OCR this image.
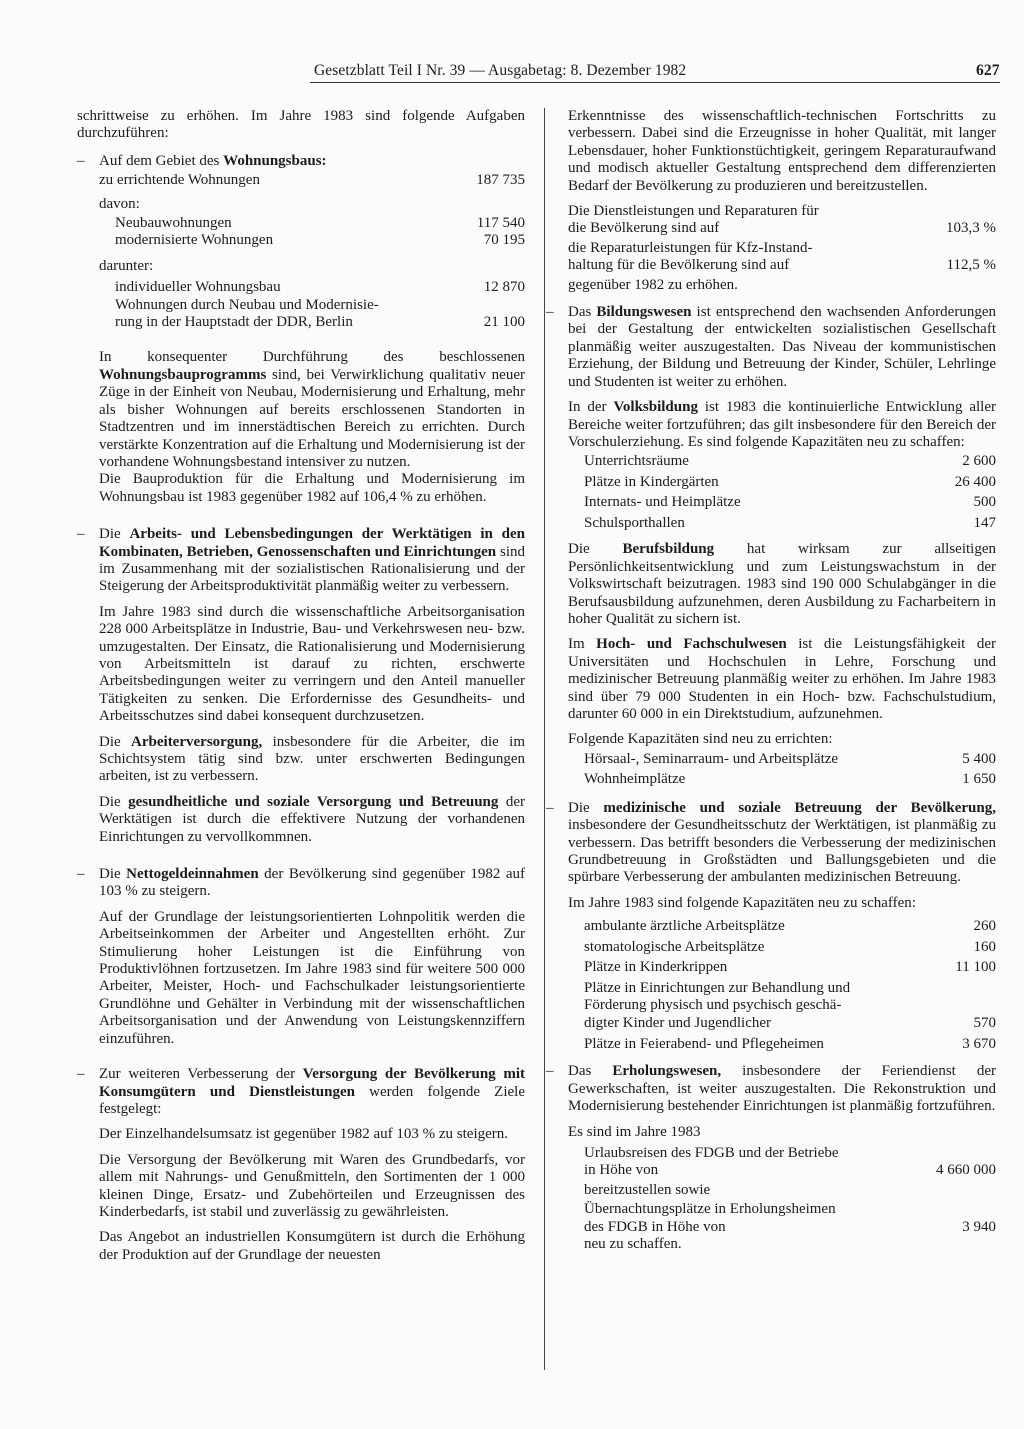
Gesetzblatt Teil I Nr. 39 — Ausgabetag: 8. Dezember 1982	627

schrittweise zu erhöhen. Im Jahre 1983 sind folgende Aufgaben durchzuführen:

– Auf dem Gebiet des Wohnungsbaus:
zu errichtende Wohnungen	187 735
davon:
Neubauwohnungen	117 540
modernisierte Wohnungen	70 195
darunter:
individueller Wohnungsbau	12 870
Wohnungen durch Neubau und Modernisie-
rung in der Hauptstadt der DDR, Berlin	21 100

In konsequenter Durchführung des beschlossenen Wohnungsbauprogramms sind, bei Verwirklichung qualitativ neuer Züge in der Einheit von Neubau, Modernisierung und Erhaltung, mehr als bisher Wohnungen auf bereits erschlossenen Standorten in Stadtzentren und im innerstädtischen Bereich zu errichten. Durch verstärkte Konzentration auf die Erhaltung und Modernisierung ist der vorhandene Wohnungsbestand intensiver zu nutzen.

Die Bauproduktion für die Erhaltung und Modernisierung im Wohnungsbau ist 1983 gegenüber 1982 auf 106,4 % zu erhöhen.

– Die Arbeits- und Lebensbedingungen der Werktätigen in den Kombinaten, Betrieben, Genossenschaften und Einrichtungen sind im Zusammenhang mit der sozialistischen Rationalisierung und der Steigerung der Arbeitsproduktivität planmäßig weiter zu verbessern.

Im Jahre 1983 sind durch die wissenschaftliche Arbeitsorganisation 228 000 Arbeitsplätze in Industrie, Bau- und Verkehrswesen neu- bzw. umzugestalten. Der Einsatz, die Rationalisierung und Modernisierung von Arbeitsmitteln ist darauf zu richten, erschwerte Arbeitsbedingungen weiter zu verringern und den Anteil manueller Tätigkeiten zu senken. Die Erfordernisse des Gesundheits- und Arbeitsschutzes sind dabei konsequent durchzusetzen.

Die Arbeiterversorgung, insbesondere für die Arbeiter, die im Schichtsystem tätig sind bzw. unter erschwerten Bedingungen arbeiten, ist zu verbessern.

Die gesundheitliche und soziale Versorgung und Betreuung der Werktätigen ist durch die effektivere Nutzung der vorhandenen Einrichtungen zu vervollkommnen.

– Die Nettogeldeinnahmen der Bevölkerung sind gegenüber 1982 auf 103 % zu steigern.

Auf der Grundlage der leistungsorientierten Lohnpolitik werden die Arbeitseinkommen der Arbeiter und Angestellten erhöht. Zur Stimulierung hoher Leistungen ist die Einführung von Produktivlöhnen fortzusetzen. Im Jahre 1983 sind für weitere 500 000 Arbeiter, Meister, Hoch- und Fachschulkader leistungsorientierte Grundlöhne und Gehälter in Verbindung mit der wissenschaftlichen Arbeitsorganisation und der Anwendung von Leistungskennziffern einzuführen.

– Zur weiteren Verbesserung der Versorgung der Bevölkerung mit Konsumgütern und Dienstleistungen werden folgende Ziele festgelegt:

Der Einzelhandelsumsatz ist gegenüber 1982 auf 103 % zu steigern.

Die Versorgung der Bevölkerung mit Waren des Grundbedarfs, vor allem mit Nahrungs- und Genußmitteln, den Sortimenten der 1 000 kleinen Dinge, Ersatz- und Zubehörteilen und Erzeugnissen des Kinderbedarfs, ist stabil und zuverlässig zu gewährleisten.

Das Angebot an industriellen Konsumgütern ist durch die Erhöhung der Produktion auf der Grundlage der neuesten

Erkenntnisse des wissenschaftlich-technischen Fortschritts zu verbessern. Dabei sind die Erzeugnisse in hoher Qualität, mit langer Lebensdauer, hoher Funktionstüchtigkeit, geringem Reparaturaufwand und modisch aktueller Gestaltung entsprechend dem differenzierten Bedarf der Bevölkerung zu produzieren und bereitzustellen.

Die Dienstleistungen und Reparaturen für
die Bevölkerung sind auf	103,3 %
die Reparaturleistungen für Kfz-Instand-
haltung für die Bevölkerung sind auf	112,5 %
gegenüber 1982 zu erhöhen.
– Das Bildungswesen ist entsprechend den wachsenden Anforderungen bei der Gestaltung der entwickelten sozialistischen Gesellschaft planmäßig weiter auszugestalten. Das Niveau der kommunistischen Erziehung, der Bildung und Betreuung der Kinder, Schüler, Lehrlinge und Studenten ist weiter zu erhöhen.

In der Volksbildung ist 1983 die kontinuierliche Entwicklung aller Bereiche weiter fortzuführen; das gilt insbesondere für den Bereich der Vorschulerziehung. Es sind folgende Kapazitäten neu zu schaffen:

Unterrichtsräume	2 600
Plätze in Kindergärten	26 400
Internats- und Heimplätze	500
Schulsporthallen	147

Die Berufsbildung hat wirksam zur allseitigen Persönlichkeitsentwicklung und zum Leistungswachstum in der Volkswirtschaft beizutragen. 1983 sind 190 000 Schulabgänger in die Berufsausbildung aufzunehmen, deren Ausbildung zu Facharbeitern in hoher Qualität zu sichern ist.

Im Hoch- und Fachschulwesen ist die Leistungsfähigkeit der Universitäten und Hochschulen in Lehre, Forschung und medizinischer Betreuung planmäßig weiter zu erhöhen. Im Jahre 1983 sind über 79 000 Studenten in ein Hoch- bzw. Fachschulstudium, darunter 60 000 in ein Direktstudium, aufzunehmen.

Folgende Kapazitäten sind neu zu errichten:

Hörsaal-, Seminarraum- und Arbeitsplätze	5 400
Wohnheimplätze	1 650
– Die medizinische und soziale Betreuung der Bevölkerung, insbesondere der Gesundheitsschutz der Werktätigen, ist planmäßig zu verbessern. Das betrifft besonders die Verbesserung der medizinischen Grundbetreuung in Großstädten und Ballungsgebieten und die spürbare Verbesserung der ambulanten medizinischen Betreuung.

Im Jahre 1983 sind folgende Kapazitäten neu zu schaffen:

ambulante ärztliche Arbeitsplätze	260
stomatologische Arbeitsplätze	160
Plätze in Kinderkrippen	11 100
Plätze in Einrichtungen zur Behandlung und
Förderung physisch und psychisch geschä-
digter Kinder und Jugendlicher	570
Plätze in Feierabend- und Pflegeheimen	3 670
– Das Erholungswesen, insbesondere der Feriendienst der Gewerkschaften, ist weiter auszugestalten. Die Rekonstruktion und Modernisierung bestehender Einrichtungen ist planmäßig fortzuführen.

Es sind im Jahre 1983

Urlaubsreisen des FDGB und der Betriebe
in Höhe von	4 660 000
bereitzustellen sowie
Übernachtungsplätze in Erholungsheimen
des FDGB in Höhe von	3 940
neu zu schaffen.
